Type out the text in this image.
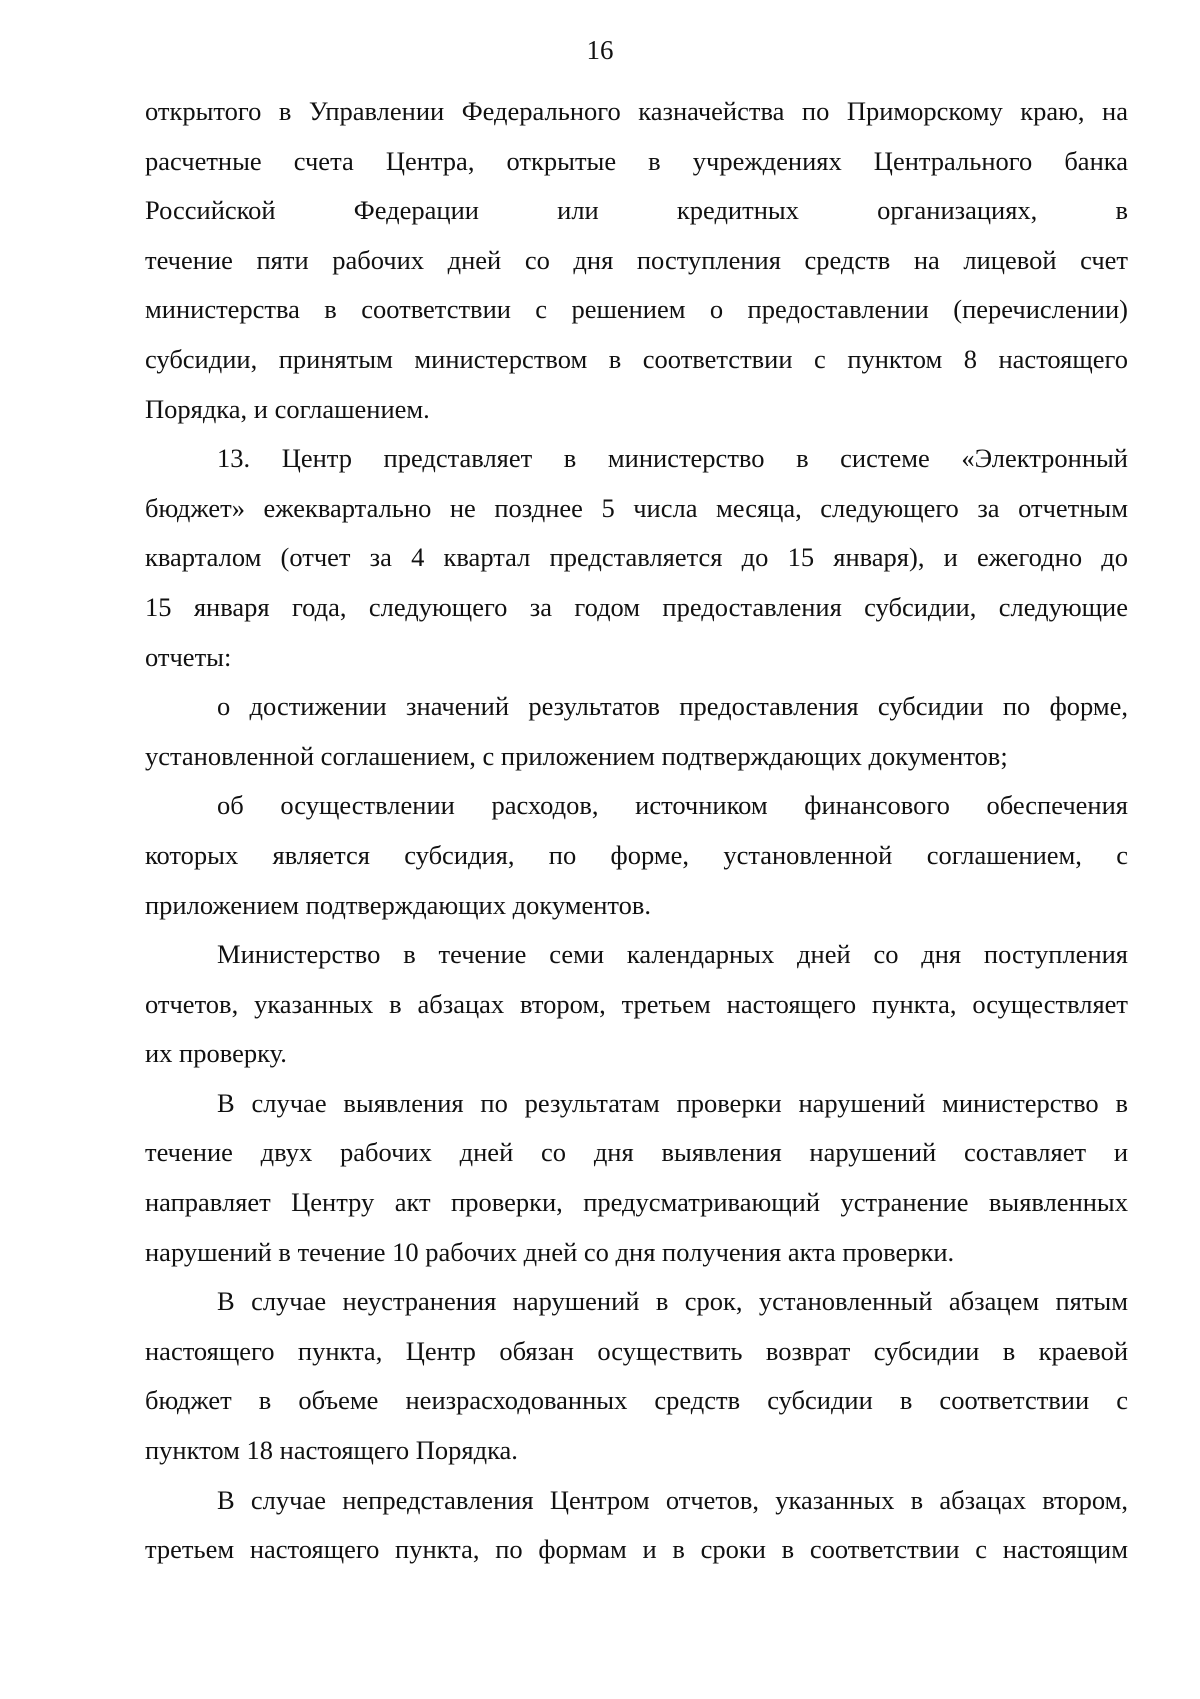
16
открытого в Управлении Федерального казначейства по Приморскому краю, на
расчетные счета Центра, открытые в учреждениях Центрального банка
Российской Федерации или кредитных организациях, в
течение пяти рабочих дней со дня поступления средств на лицевой счет
министерства в соответствии с решением о предоставлении (перечислении)
субсидии, принятым министерством в соответствии с пунктом 8 настоящего
Порядка, и соглашением.
13. Центр представляет в министерство в системе «Электронный
бюджет» ежеквартально не позднее 5 числа месяца, следующего за отчетным
кварталом (отчет за 4 квартал представляется до 15 января), и ежегодно до
15 января года, следующего за годом предоставления субсидии, следующие
отчеты:
о достижении значений результатов предоставления субсидии по форме,
установленной соглашением, с приложением подтверждающих документов;
об осуществлении расходов, источником финансового обеспечения
которых является субсидия, по форме, установленной соглашением, с
приложением подтверждающих документов.
Министерство в течение семи календарных дней со дня поступления
отчетов, указанных в абзацах втором, третьем настоящего пункта, осуществляет
их проверку.
В случае выявления по результатам проверки нарушений министерство в
течение двух рабочих дней со дня выявления нарушений составляет и
направляет Центру акт проверки, предусматривающий устранение выявленных
нарушений в течение 10 рабочих дней со дня получения акта проверки.
В случае неустранения нарушений в срок, установленный абзацем пятым
настоящего пункта, Центр обязан осуществить возврат субсидии в краевой
бюджет в объеме неизрасходованных средств субсидии в соответствии с
пунктом 18 настоящего Порядка.
В случае непредставления Центром отчетов, указанных в абзацах втором,
третьем настоящего пункта, по формам и в сроки в соответствии с настоящим
